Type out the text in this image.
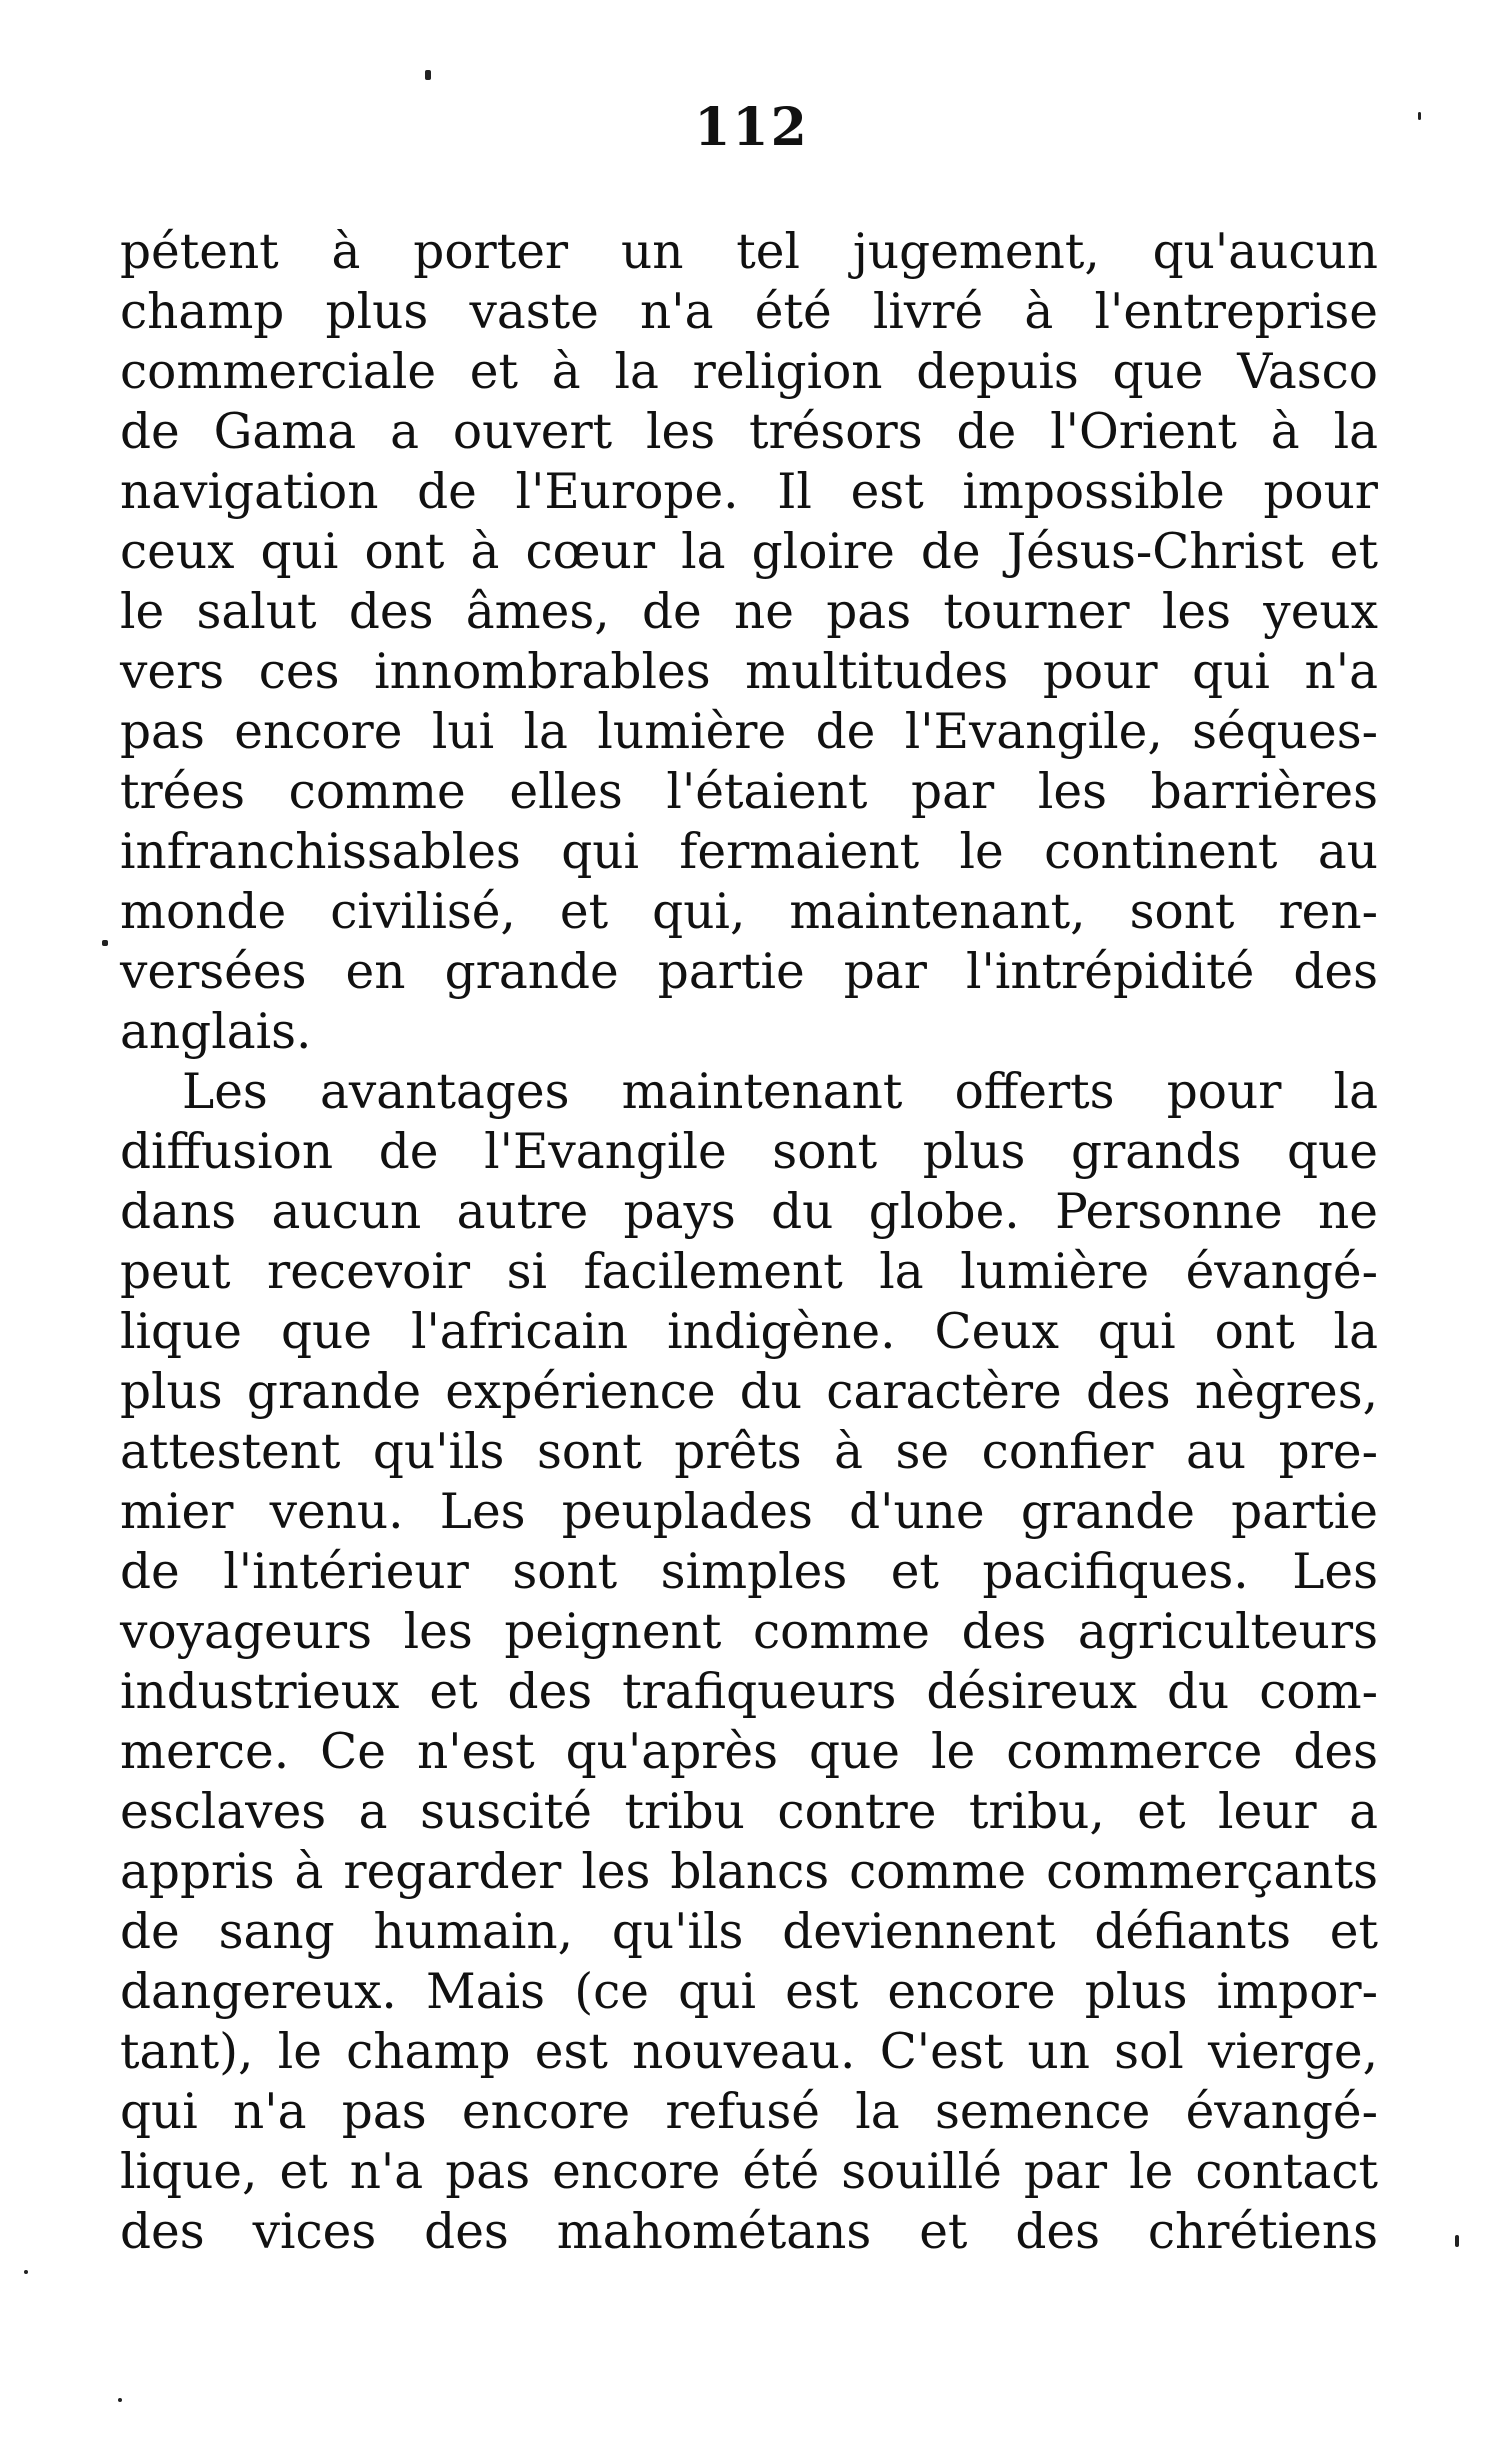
112
pétent à porter un tel jugement, qu'aucun
champ plus vaste n'a été livré à l'entreprise
commerciale et à la religion depuis que Vasco
de Gama a ouvert les trésors de l'Orient à la
navigation de l'Europe. Il est impossible pour
ceux qui ont à cœur la gloire de Jésus-Christ et
le salut des âmes, de ne pas tourner les yeux
vers ces innombrables multitudes pour qui n'a
pas encore lui la lumière de l'Evangile, séques-
trées comme elles l'étaient par les barrières
infranchissables qui fermaient le continent au
monde civilisé, et qui, maintenant, sont ren-
versées en grande partie par l'intrépidité des
anglais.
Les avantages maintenant offerts pour la
diffusion de l'Evangile sont plus grands que
dans aucun autre pays du globe. Personne ne
peut recevoir si facilement la lumière évangé-
lique que l'africain indigène. Ceux qui ont la
plus grande expérience du caractère des nègres,
attestent qu'ils sont prêts à se confier au pre-
mier venu. Les peuplades d'une grande partie
de l'intérieur sont simples et pacifiques. Les
voyageurs les peignent comme des agriculteurs
industrieux et des trafiqueurs désireux du com-
merce. Ce n'est qu'après que le commerce des
esclaves a suscité tribu contre tribu, et leur a
appris à regarder les blancs comme commerçants
de sang humain, qu'ils deviennent défiants et
dangereux. Mais (ce qui est encore plus impor-
tant), le champ est nouveau. C'est un sol vierge,
qui n'a pas encore refusé la semence évangé-
lique, et n'a pas encore été souillé par le contact
des vices des mahométans et des chrétiens
